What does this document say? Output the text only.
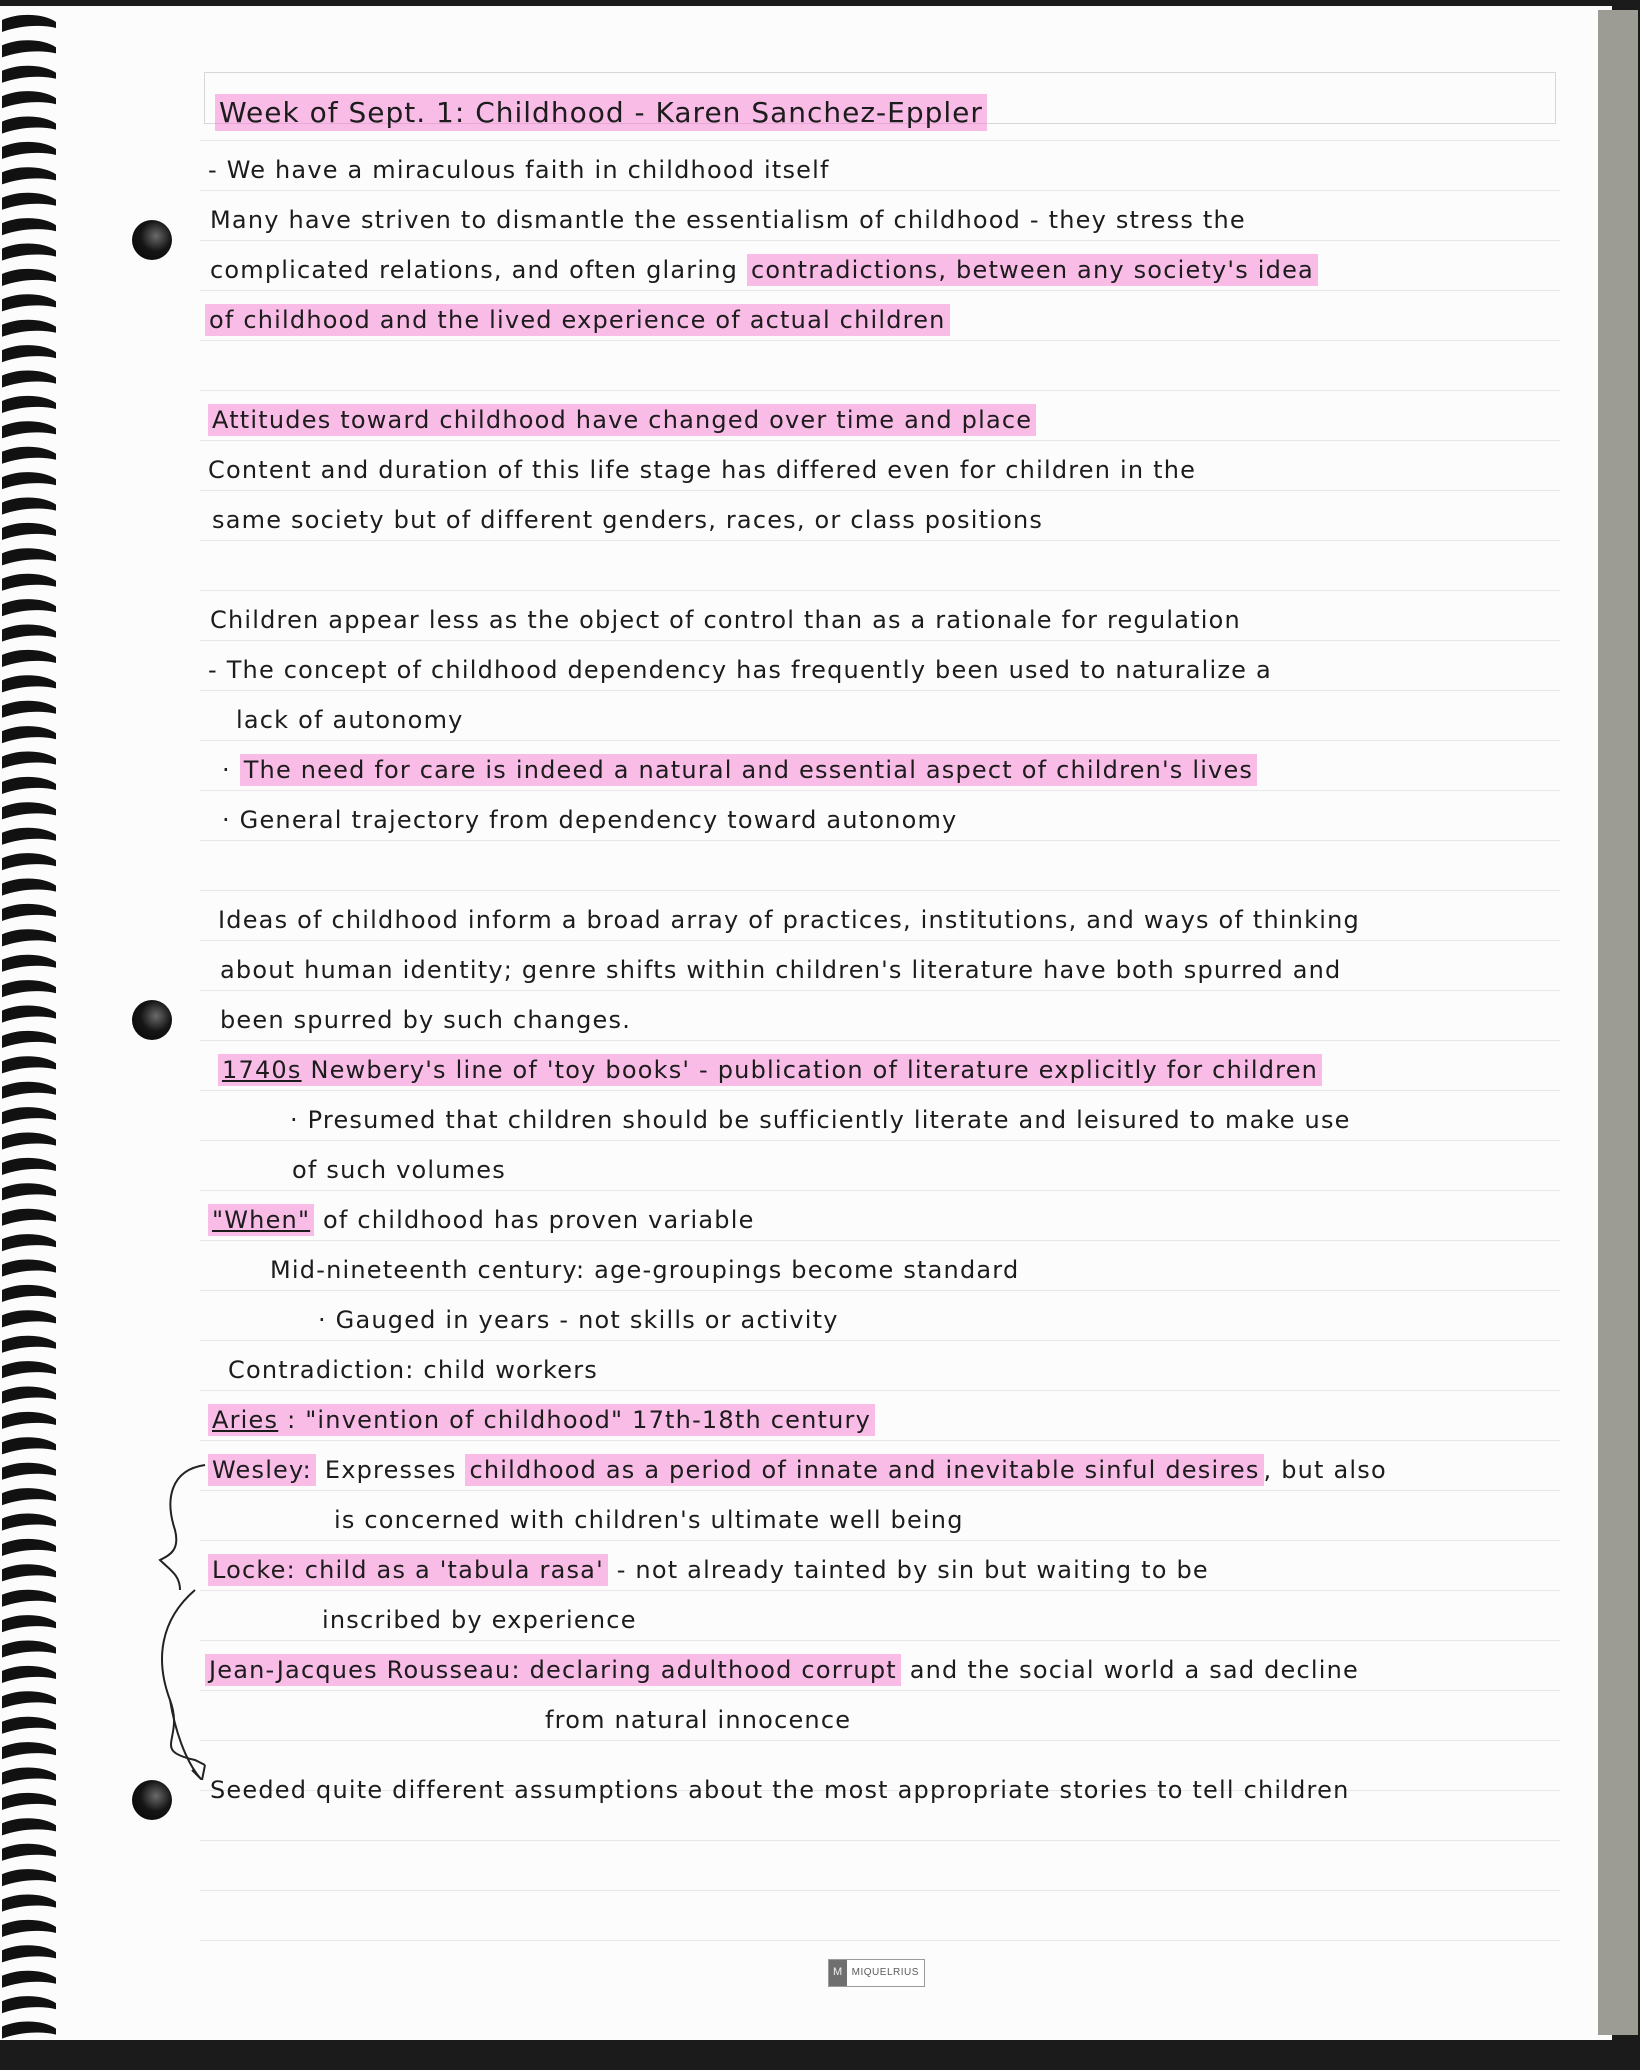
Week of Sept. 1: Childhood - Karen Sanchez-Eppler
- We have a miraculous faith in childhood itself
Many have striven to dismantle the essentialism of childhood - they stress the
complicated relations, and often glaring contradictions, between any society's idea
of childhood and the lived experience of actual children
Attitudes toward childhood have changed over time and place
Content and duration of this life stage has differed even for children in the
same society but of different genders, races, or class positions
Children appear less as the object of control than as a rationale for regulation
- The concept of childhood dependency has frequently been used to naturalize a
lack of autonomy
· The need for care is indeed a natural and essential aspect of children's lives
· General trajectory from dependency toward autonomy
Ideas of childhood inform a broad array of practices, institutions, and ways of thinking
about human identity; genre shifts within children's literature have both spurred and
been spurred by such changes.
1740s Newbery's line of 'toy books' - publication of literature explicitly for children
· Presumed that children should be sufficiently literate and leisured to make use
of such volumes
"When" of childhood has proven variable
Mid-nineteenth century: age-groupings become standard
· Gauged in years - not skills or activity
Contradiction: child workers
Aries : "invention of childhood" 17th-18th century
Wesley: Expresses childhood as a period of innate and inevitable sinful desires , but also
is concerned with children's ultimate well being
Locke: child as a 'tabula rasa' - not already tainted by sin but waiting to be
inscribed by experience
Jean-Jacques Rousseau: declaring adulthood corrupt and the social world a sad decline
from natural innocence
Seeded quite different assumptions about the most appropriate stories to tell children
M MIQUELRIUS
